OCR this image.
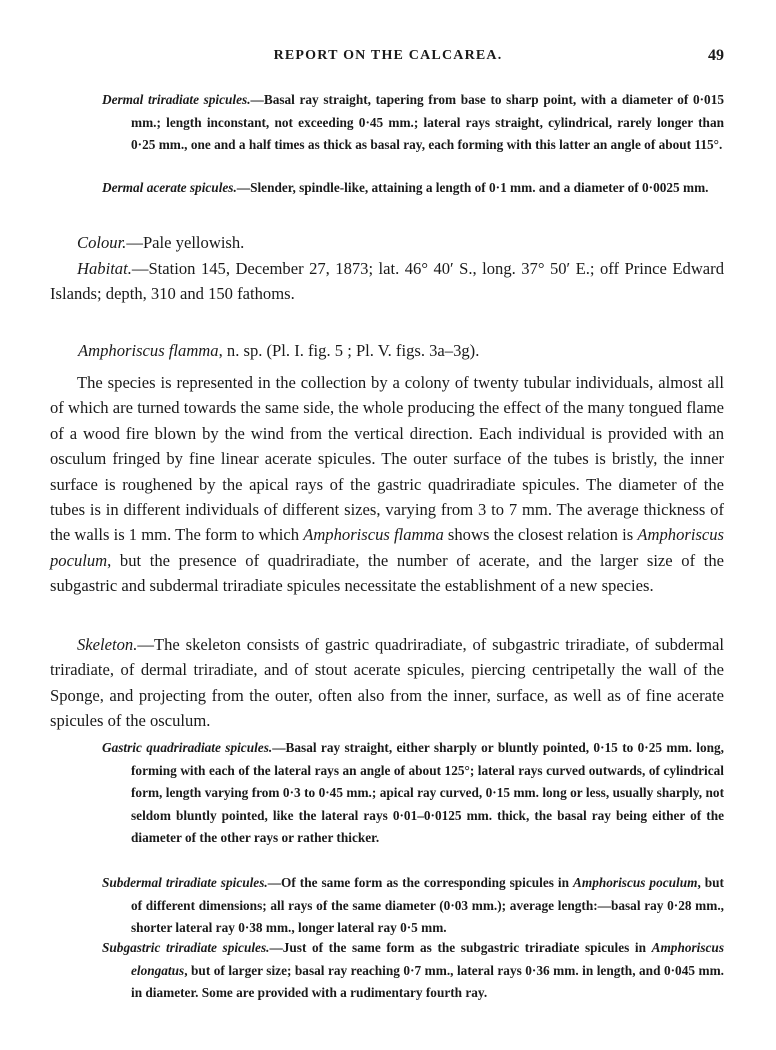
REPORT ON THE CALCAREA.	49

Dermal triradiate spicules.—Basal ray straight, tapering from base to sharp point, with a diameter of 0·015 mm.; length inconstant, not exceeding 0·45 mm.; lateral rays straight, cylindrical, rarely longer than 0·25 mm., one and a half times as thick as basal ray, each forming with this latter an angle of about 115°.

Dermal acerate spicules.—Slender, spindle-like, attaining a length of 0·1 mm. and a diameter of 0·0025 mm.

Colour.—Pale yellowish.

Habitat.—Station 145, December 27, 1873; lat. 46° 40′ S., long. 37° 50′ E.; off Prince Edward Islands; depth, 310 and 150 fathoms.

Amphoriscus flamma, n. sp. (Pl. I. fig. 5 ; Pl. V. figs. 3a–3g).

The species is represented in the collection by a colony of twenty tubular individuals, almost all of which are turned towards the same side, the whole producing the effect of the many tongued flame of a wood fire blown by the wind from the vertical direction. Each individual is provided with an osculum fringed by fine linear acerate spicules. The outer surface of the tubes is bristly, the inner surface is roughened by the apical rays of the gastric quadriradiate spicules. The diameter of the tubes is in different individuals of different sizes, varying from 3 to 7 mm. The average thickness of the walls is 1 mm. The form to which Amphoriscus flamma shows the closest relation is Amphoriscus poculum, but the presence of quadriradiate, the number of acerate, and the larger size of the subgastric and subdermal triradiate spicules necessitate the establishment of a new species.

Skeleton.—The skeleton consists of gastric quadriradiate, of subgastric triradiate, of subdermal triradiate, of dermal triradiate, and of stout acerate spicules, piercing centripetally the wall of the Sponge, and projecting from the outer, often also from the inner, surface, as well as of fine acerate spicules of the osculum.

Gastric quadriradiate spicules.—Basal ray straight, either sharply or bluntly pointed, 0·15 to 0·25 mm. long, forming with each of the lateral rays an angle of about 125°; lateral rays curved outwards, of cylindrical form, length varying from 0·3 to 0·45 mm.; apical ray curved, 0·15 mm. long or less, usually sharply, not seldom bluntly pointed, like the lateral rays 0·01–0·0125 mm. thick, the basal ray being either of the diameter of the other rays or rather thicker.

Subdermal triradiate spicules.—Of the same form as the corresponding spicules in Amphoriscus poculum, but of different dimensions; all rays of the same diameter (0·03 mm.); average length:—basal ray 0·28 mm., shorter lateral ray 0·38 mm., longer lateral ray 0·5 mm.

Subgastric triradiate spicules.—Just of the same form as the subgastric triradiate spicules in Amphoriscus elongatus, but of larger size; basal ray reaching 0·7 mm., lateral rays 0·36 mm. in length, and 0·045 mm. in diameter. Some are provided with a rudimentary fourth ray.
